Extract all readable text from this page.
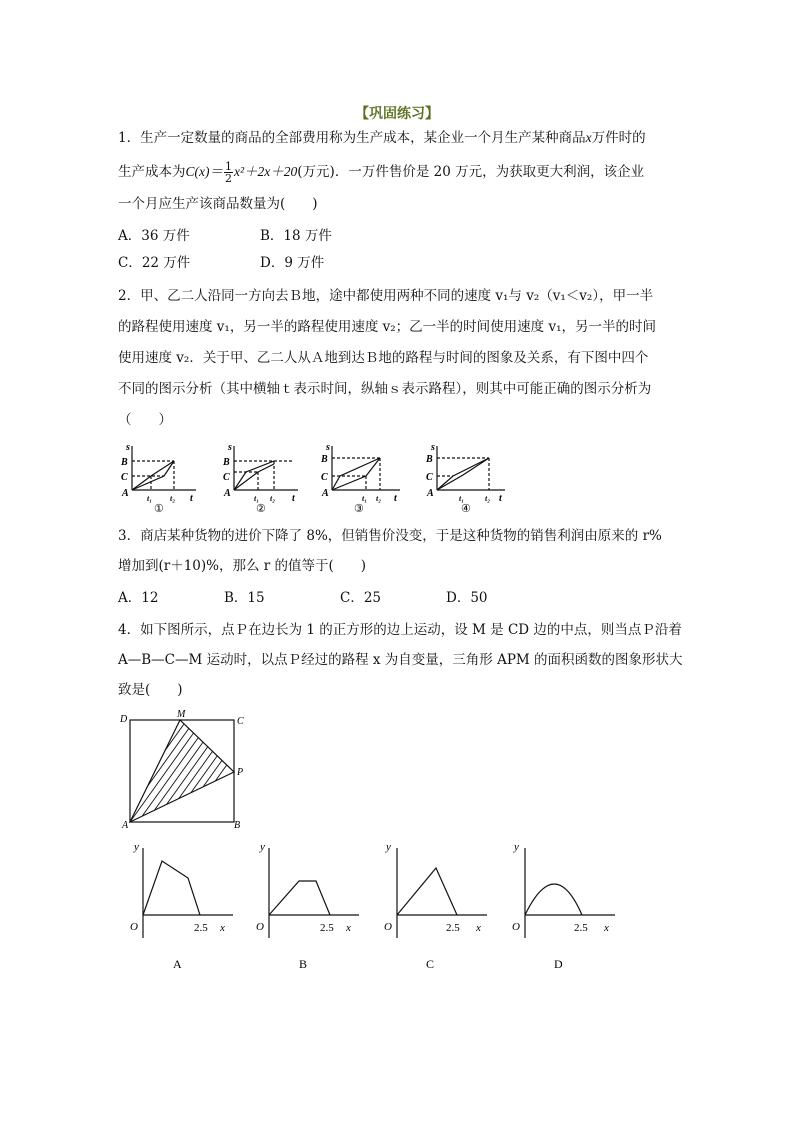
【巩固练习】
1．生产一定数量的商品的全部费用称为生产成本，某企业一个月生产某种商品x万件时的
生产成本为$C(x)= \frac{1}{2} x^2+2x+20$(万元)．一万件售价是 20 万元，为获取更大利润，该企业
一个月应生产该商品数量为(　　)
A．36 万件	B．18 万件
C．22 万件	D．9 万件
2．甲、乙二人沿同一方向去Ｂ地，途中都使用两种不同的速度 v₁与 v₂（v₁＜v₂），甲一半
的路程使用速度 v₁，另一半的路程使用速度 v₂；乙一半的时间使用速度 v₁，另一半的时间
使用速度 v₂．关于甲、乙二人从Ａ地到达Ｂ地的路程与时间的图象及关系，有下图中四个
不同的图示分析（其中横轴ｔ表示时间，纵轴ｓ表示路程），则其中可能正确的图示分析为
（　　）
s
B
C
A t₁ t₂ t
①
s
B
C
A	t₁ t₂ t
②
s
B
C
A	t₁ t₂ t
③
s
B
C
A	t₁	t₂ t
④
3．商店某种货物的进价下降了 8%，但销售价没变，于是这种货物的销售利润由原来的 r%
增加到(r＋10)%，那么 r 的值等于(　　)
A．12	B．15	C．25	D．50
4．如下图所示，点Ｐ在边长为 1 的正方形的边上运动，设 M 是 CD 边的中点，则当点Ｐ沿着
A—B—C—M 运动时，以点Ｐ经过的路程 x 为自变量，三角形 APM 的面积函数的图象形状大
致是(　　)
D	M
C
P
A	B
y
x
O	2.5
A
y
x
O	2.5
B
y
x
O	2.5
C
y
x
O	2.5
D
